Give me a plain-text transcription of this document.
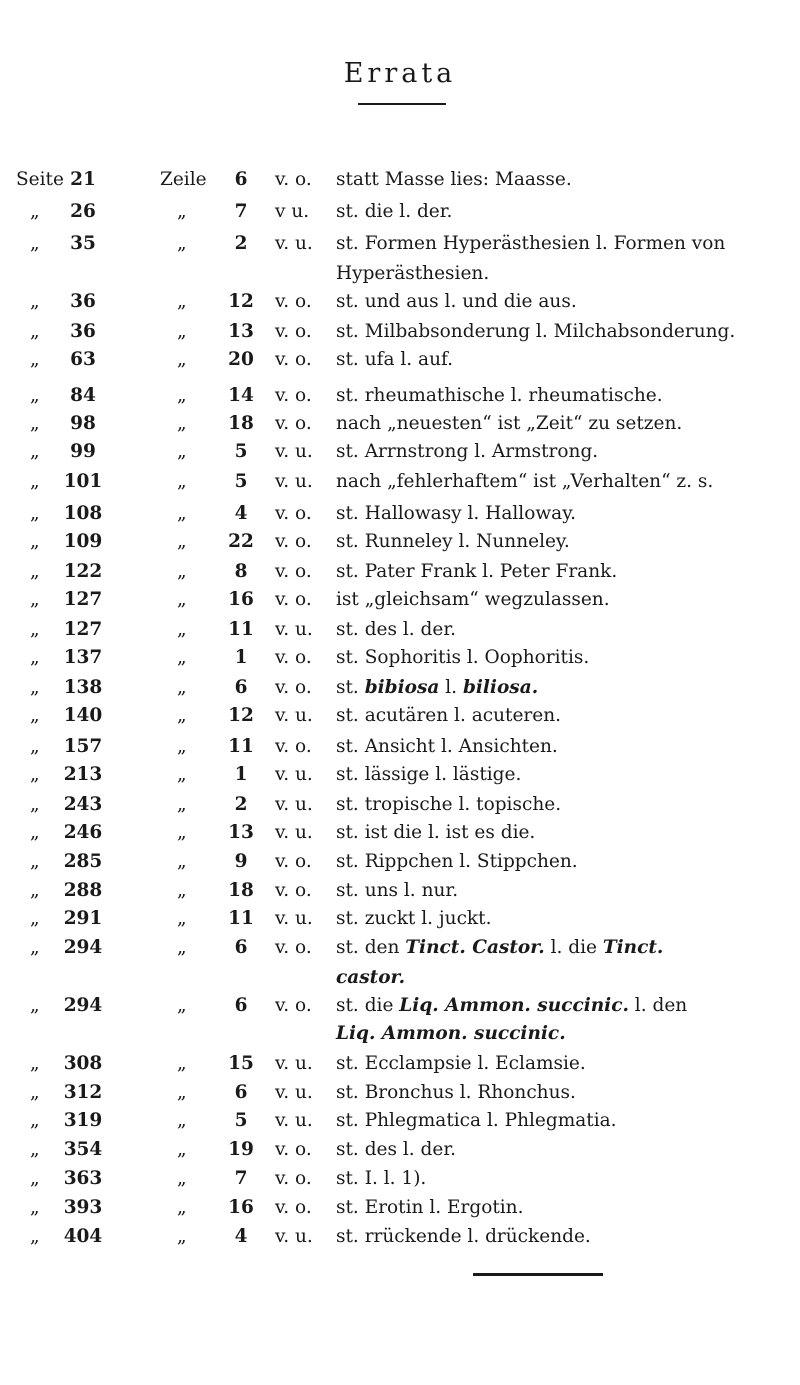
Errata
Seite 21	Zeile	6	v. o. statt Masse lies: Maasse.
„	26	„	7	v u. st. die l. der.
„	35	„	2	v. u. st. Formen Hyperästhesien l. Formen von
Hyperästhesien.
„	36	„	12	v. o. st. und aus l. und die aus.
„	36	„	13	v. o. st. Milbabsonderung l. Milchabsonderung.
„	63	„	20	v. o. st. ufa l. auf.
„	84	„	14	v. o. st. rheumathische l. rheumatische.
„	98	„	18	v. o. nach „neuesten“ ist „Zeit“ zu setzen.
„	99	„	5	v. u. st. Arrnstrong l. Armstrong.
„	101	„	5	v. u. nach „fehlerhaftem“ ist „Verhalten“ z. s.
„	108	„	4	v. o. st. Hallowasy l. Halloway.
„	109	„	22	v. o. st. Runneley l. Nunneley.
„	122	„	8	v. o. st. Pater Frank l. Peter Frank.
„	127	„	16	v. o. ist „gleichsam“ wegzulassen.
„	127	„	11	v. u. st. des l. der.
„	137	„	1	v. o. st. Sophoritis l. Oophoritis.
„	138	„	6	v. o. st. bibiosa l. biliosa.
„	140	„	12	v. u. st. acutären l. acuteren.
„	157	„	11	v. o. st. Ansicht l. Ansichten.
„	213	„	1	v. u. st. lässige l. lästige.
„	243	„	2	v. u. st. tropische l. topische.
„	246	„	13	v. u. st. ist die l. ist es die.
„	285	„	9	v. o. st. Rippchen l. Stippchen.
„	288	„	18	v. o. st. uns l. nur.
„	291	„	11	v. u. st. zuckt l. juckt.
„	294	„	6	v. o. st. den Tinct. Castor. l. die Tinct.
castor.
„	294	„	6	v. o. st. die Liq. Ammon. succinic. l. den
Liq. Ammon. succinic.
„	308	„	15	v. u. st. Ecclampsie l. Eclamsie.
„	312	„	6	v. u. st. Bronchus l. Rhonchus.
„	319	„	5	v. u. st. Phlegmatica l. Phlegmatia.
„	354	„	19	v. o. st. des l. der.
„	363	„	7	v. o. st. I. l. 1).
„	393	„	16	v. o. st. Erotin l. Ergotin.
„	404	„	4	v. u. st. rrückende l. drückende.
